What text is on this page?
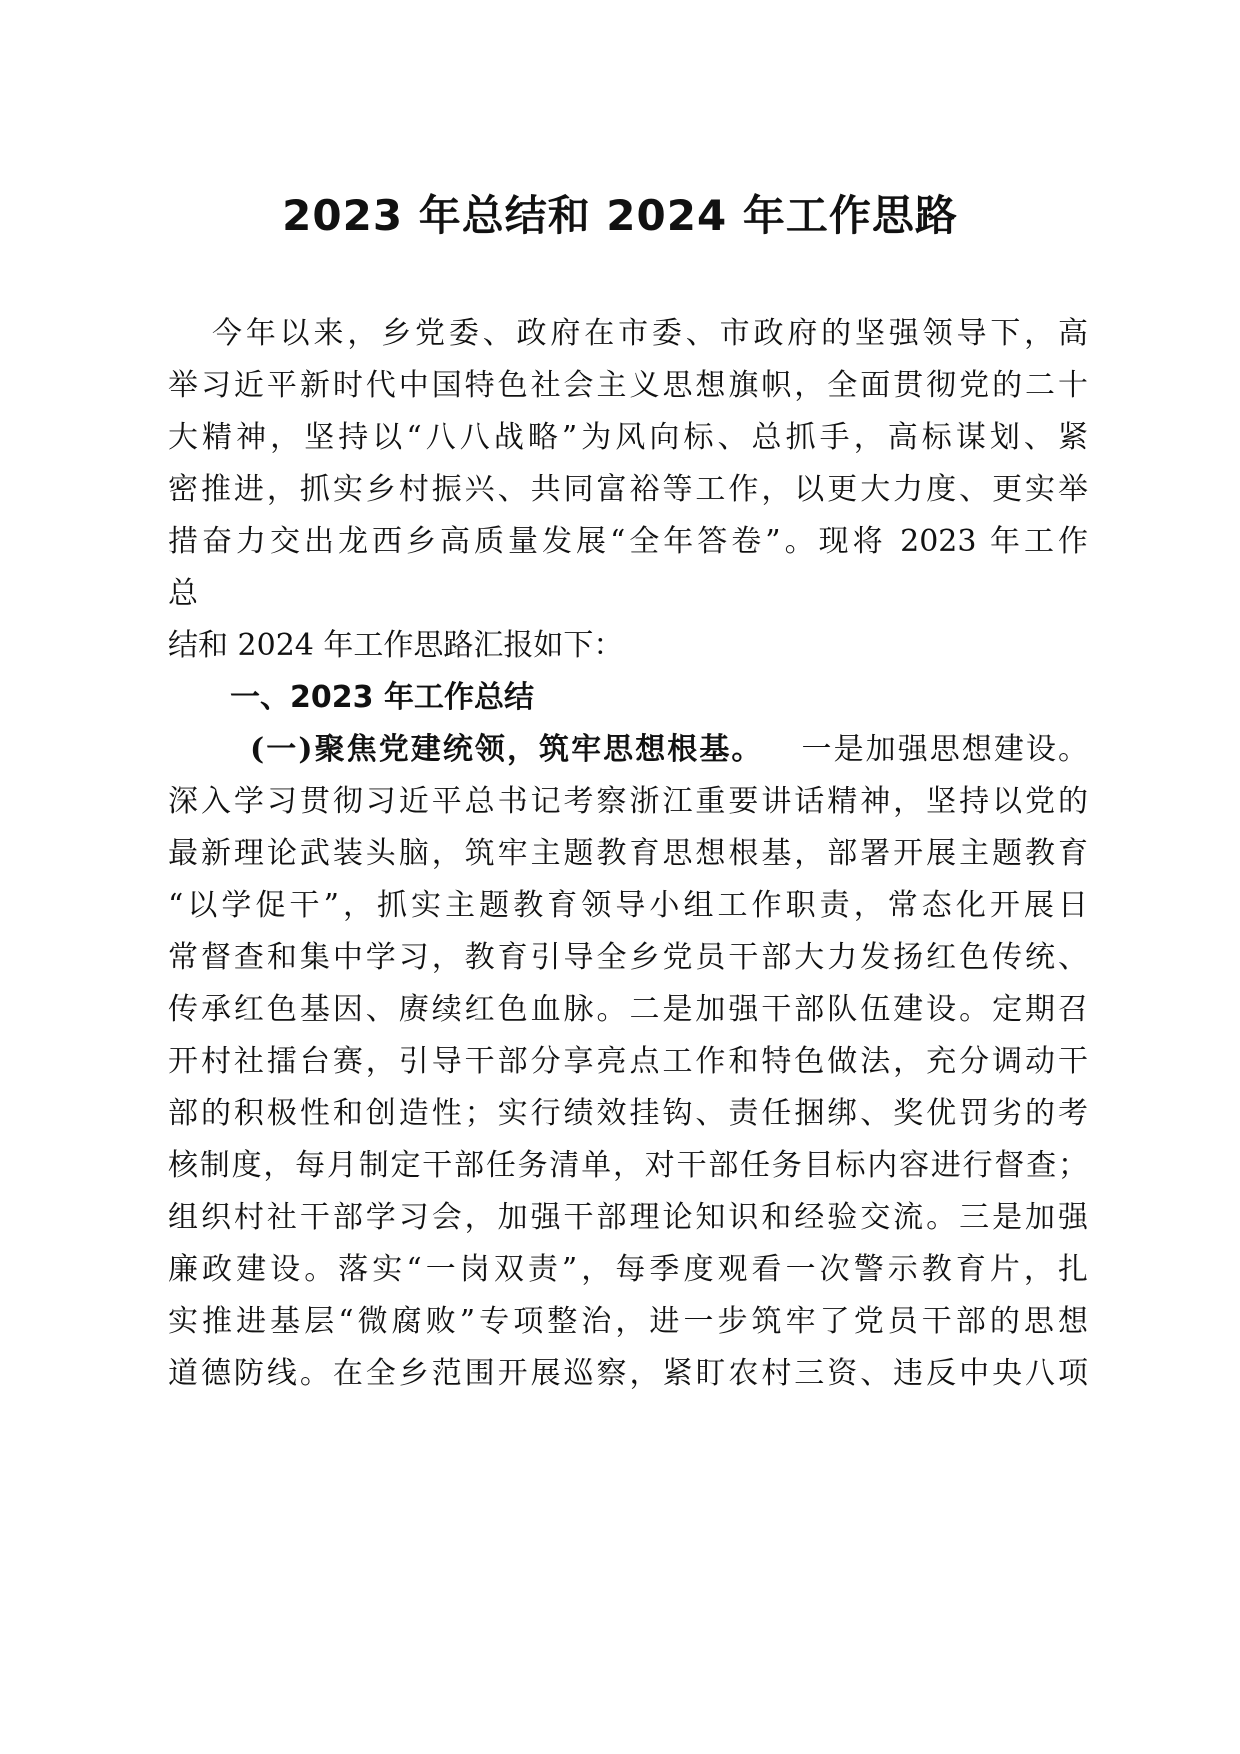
2023 年总结和 2024 年工作思路
今年以来，乡党委、政府在市委、市政府的坚强领导下，高
举习近平新时代中国特色社会主义思想旗帜，全面贯彻党的二十
大精神，坚持以“八八战略”为风向标、总抓手，高标谋划、紧
密推进，抓实乡村振兴、共同富裕等工作，以更大力度、更实举
措奋力交出龙西乡高质量发展“全年答卷”。现将 2023 年工作
总
结和 2024 年工作思路汇报如下：
一、2023 年工作总结
(一)聚焦党建统领，筑牢思想根基。 一是加强思想建设。
深入学习贯彻习近平总书记考察浙江重要讲话精神，坚持以党的
最新理论武装头脑，筑牢主题教育思想根基，部署开展主题教育
“以学促干”，抓实主题教育领导小组工作职责，常态化开展日
常督查和集中学习，教育引导全乡党员干部大力发扬红色传统、
传承红色基因、赓续红色血脉。二是加强干部队伍建设。定期召
开村社擂台赛，引导干部分享亮点工作和特色做法，充分调动干
部的积极性和创造性；实行绩效挂钩、责任捆绑、奖优罚劣的考
核制度，每月制定干部任务清单，对干部任务目标内容进行督查；
组织村社干部学习会，加强干部理论知识和经验交流。三是加强
廉政建设。落实“一岗双责”，每季度观看一次警示教育片，扎
实推进基层“微腐败”专项整治，进一步筑牢了党员干部的思想
道德防线。在全乡范围开展巡察，紧盯农村三资、违反中央八项
